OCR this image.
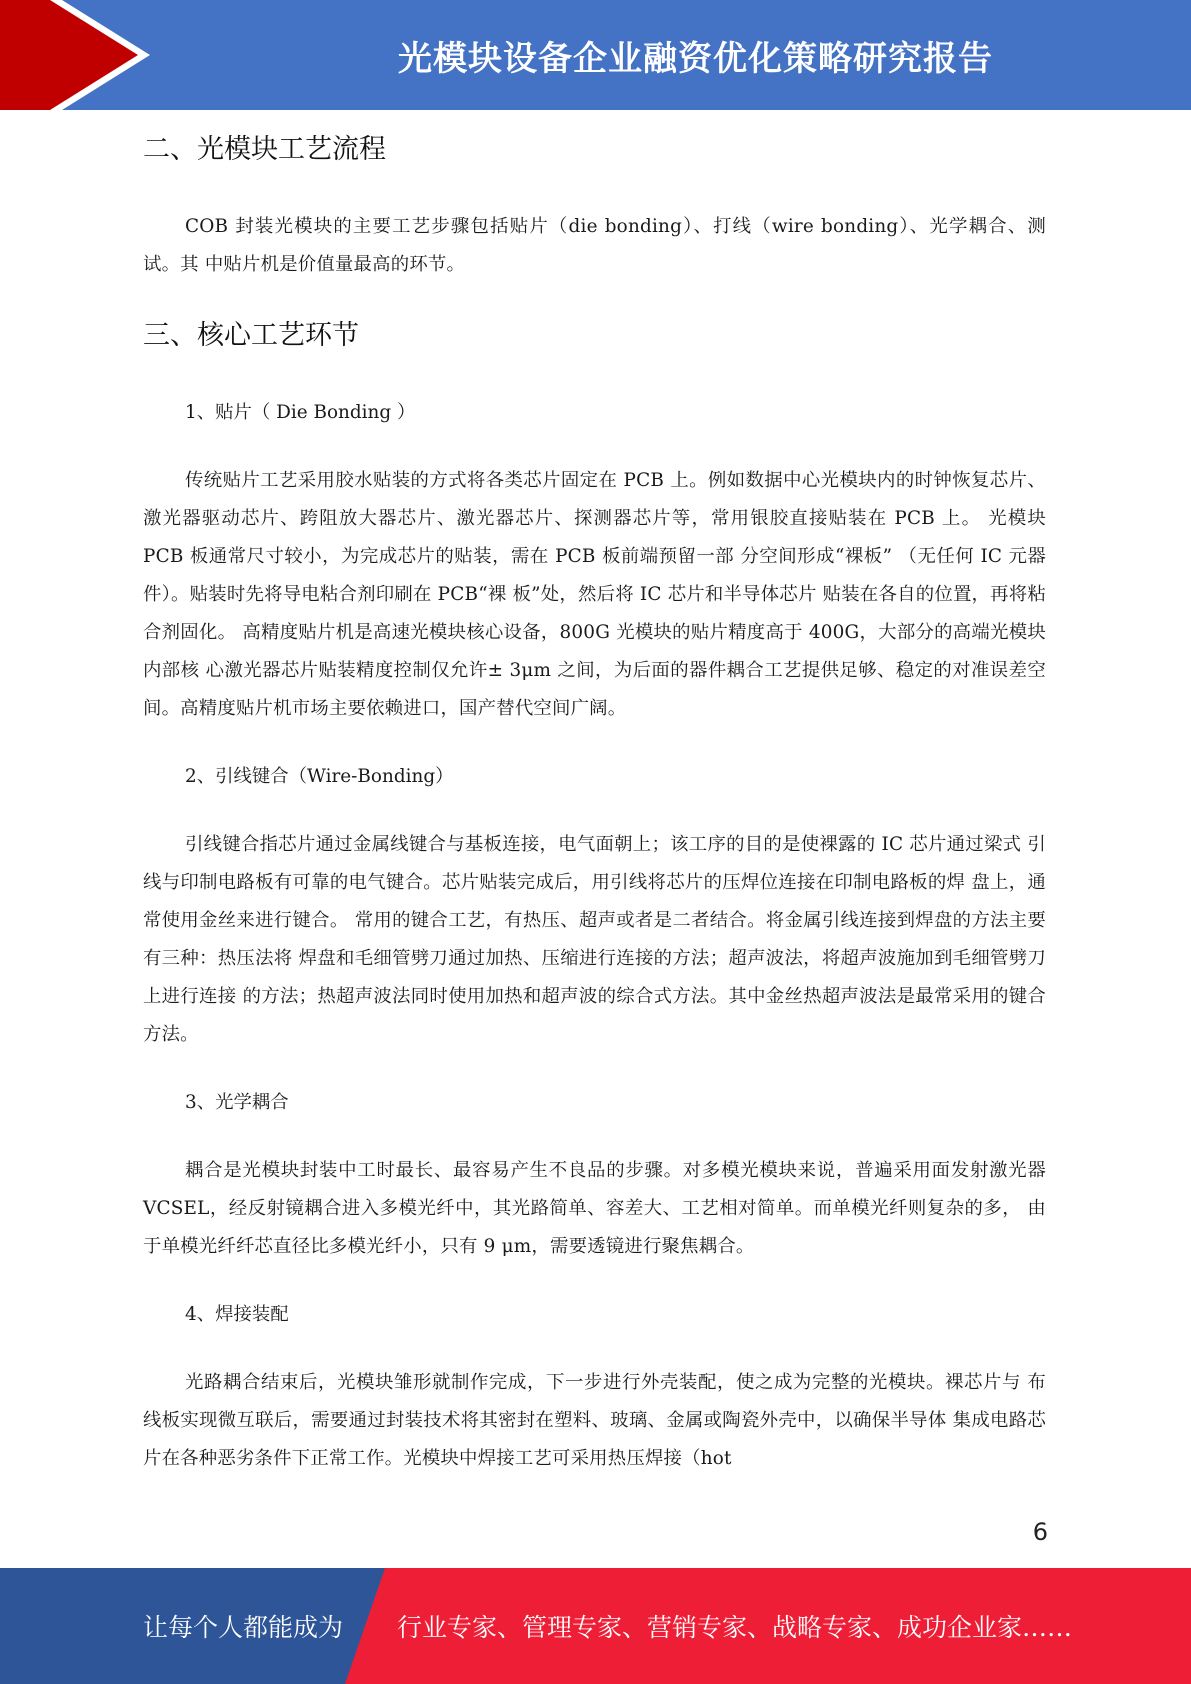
光模块设备企业融资优化策略研究报告
二、光模块工艺流程

COB 封装光模块的主要工艺步骤包括贴片（die bonding）、打线（wire bonding）、光学耦合、测试。其 中贴片机是价值量最高的环节。

三、核心工艺环节

1、贴片（ Die Bonding ）

传统贴片工艺采用胶水贴装的方式将各类芯片固定在 PCB 上。例如数据中心光模块内的时钟恢复芯片、 激光器驱动芯片、跨阻放大器芯片、激光器芯片、探测器芯片等，常用银胶直接贴装在 PCB 上。 光模块 PCB 板通常尺寸较小，为完成芯片的贴装，需在 PCB 板前端预留一部 分空间形成“裸板” （无任何 IC 元器件）。贴装时先将导电粘合剂印刷在 PCB“裸 板”处，然后将 IC 芯片和半导体芯片 贴装在各自的位置，再将粘合剂固化。 高精度贴片机是高速光模块核心设备，800G 光模块的贴片精度高于 400G，大部分的高端光模块内部核 心激光器芯片贴装精度控制仅允许± 3μm 之间，为后面的器件耦合工艺提供足够、稳定的对准误差空 间。高精度贴片机市场主要依赖进口，国产替代空间广阔。

2、引线键合（Wire-Bonding）

引线键合指芯片通过金属线键合与基板连接，电气面朝上；该工序的目的是使裸露的 IC 芯片通过梁式 引线与印制电路板有可靠的电气键合。芯片贴装完成后，用引线将芯片的压焊位连接在印制电路板的焊 盘上，通常使用金丝来进行键合。 常用的键合工艺，有热压、超声或者是二者结合。将金属引线连接到焊盘的方法主要有三种：热压法将 焊盘和毛细管劈刀通过加热、压缩进行连接的方法；超声波法，将超声波施加到毛细管劈刀上进行连接 的方法；热超声波法同时使用加热和超声波的综合式方法。其中金丝热超声波法是最常采用的键合方法。

3、光学耦合

耦合是光模块封装中工时最长、最容易产生不良品的步骤。对多模光模块来说，普遍采用面发射激光器 VCSEL，经反射镜耦合进入多模光纤中，其光路简单、容差大、工艺相对简单。而单模光纤则复杂的多， 由于单模光纤纤芯直径比多模光纤小，只有 9 μm，需要透镜进行聚焦耦合。

4、焊接装配

光路耦合结束后，光模块雏形就制作完成，下一步进行外壳装配，使之成为完整的光模块。裸芯片与 布线板实现微互联后，需要通过封装技术将其密封在塑料、玻璃、金属或陶瓷外壳中，以确保半导体 集成电路芯片在各种恶劣条件下正常工作。光模块中焊接工艺可采用热压焊接（hot

6
让每个人都能成为 行业专家、管理专家、营销专家、战略专家、成功企业家……
